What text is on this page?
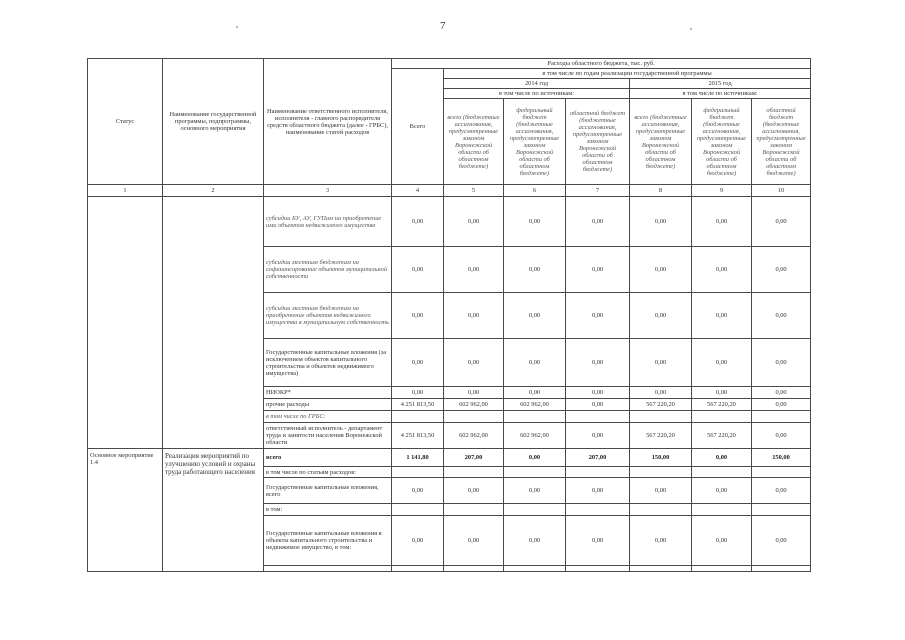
7
Статус	Наименование государственной программы, подпрограммы, основного мероприятия	Наименование ответственного исполнителя, исполнителя - главного распорядителя средств областного бюджета (далее - ГРБС), наименование статей расходов	Расходы областного бюджета, тыс. руб.						
			Всего	в том числе по годам реализации государственной программы					
				2014 год			2015 год		
				в том числе по источникам:			в том числе по источникам:		
				всего (бюджетные ассигнования, предусмотренные законом Воронежской области об областном бюджете)	федеральный бюджет (бюджетные ассигнования, предусмотренные законом Воронежской области об областном бюджете)	областной бюджет (бюджетные ассигнования, предусмотренные законом Воронежской области об областном бюджете)	всего (бюджетные ассигнования, предусмотренные законом Воронежской области об областном бюджете)	федеральный бюджет (бюджетные ассигнования, предусмотренные законом Воронежской области об областном бюджете)	областной бюджет (бюджетные ассигнования, предусмотренные законом Воронежской области об областном бюджете)
1	2	3	4	5	6	7	8	9	10
		субсидии БУ, АУ, ГУПам на приобретение ими объектов недвижимого имущества	0,00	0,00	0,00	0,00	0,00	0,00	0,00
		субсидии местным бюджетам на софинансирование объектов муниципальной собственности	0,00	0,00	0,00	0,00	0,00	0,00	0,00
		субсидии местным бюджетам на приобретение объектов недвижимого имущества в муниципальную собственность	0,00	0,00	0,00	0,00	0,00	0,00	0,00
		Государственные капитальные вложения (за исключением объектов капитального строительства и объектов недвижимого имущества)	0,00	0,00	0,00	0,00	0,00	0,00	0,00
		НИОКР*	0,00	0,00	0,00	0,00	0,00	0,00	0,00
		прочие расходы	4 251 813,50	602 962,00	602 962,00	0,00	567 220,20	567 220,20	0,00
		в том числе по ГРБС:							
		ответственный исполнитель - департамент труда и занятости населения Воронежской области	4 251 813,50	602 962,00	602 962,00	0,00	567 220,20	567 220,20	0,00
Основное мероприятие 1.4	Реализация мероприятий по улучшению условий и охраны труда работающего населения	всего	1 141,80	207,00	0,00	207,00	150,00	0,00	150,00
		в том числе по статьям расходов:							
		Государственные капитальные вложения, всего	0,00	0,00	0,00	0,00	0,00	0,00	0,00
		в том:							
		Государственные капитальные вложения в объекты капитального строительства и недвижимое имущество, в том:	0,00	0,00	0,00	0,00	0,00	0,00	0,00
